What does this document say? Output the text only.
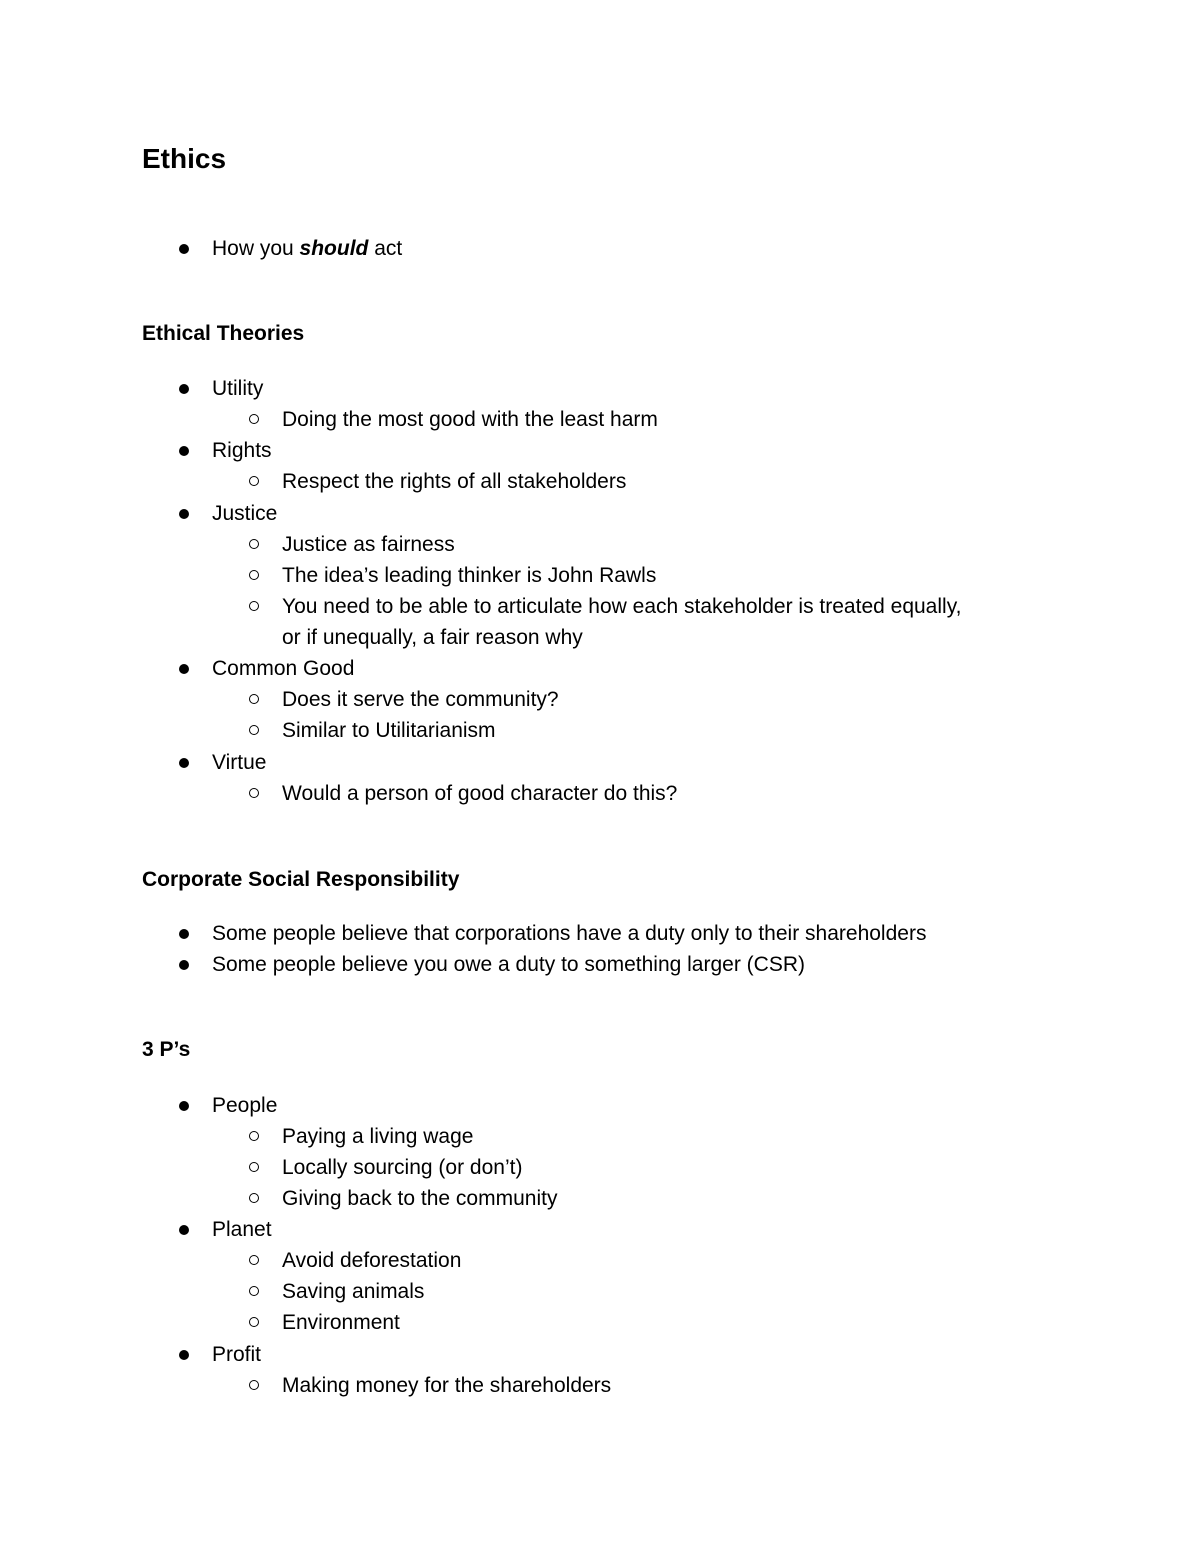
Ethics
How you should act
Ethical Theories
Utility
Doing the most good with the least harm
Rights
Respect the rights of all stakeholders
Justice
Justice as fairness
The idea’s leading thinker is John Rawls
You need to be able to articulate how each stakeholder is treated equally,
or if unequally, a fair reason why
Common Good
Does it serve the community?
Similar to Utilitarianism
Virtue
Would a person of good character do this?
Corporate Social Responsibility
Some people believe that corporations have a duty only to their shareholders
Some people believe you owe a duty to something larger (CSR)
3 P’s
People
Paying a living wage
Locally sourcing (or don’t)
Giving back to the community
Planet
Avoid deforestation
Saving animals
Environment
Profit
Making money for the shareholders
